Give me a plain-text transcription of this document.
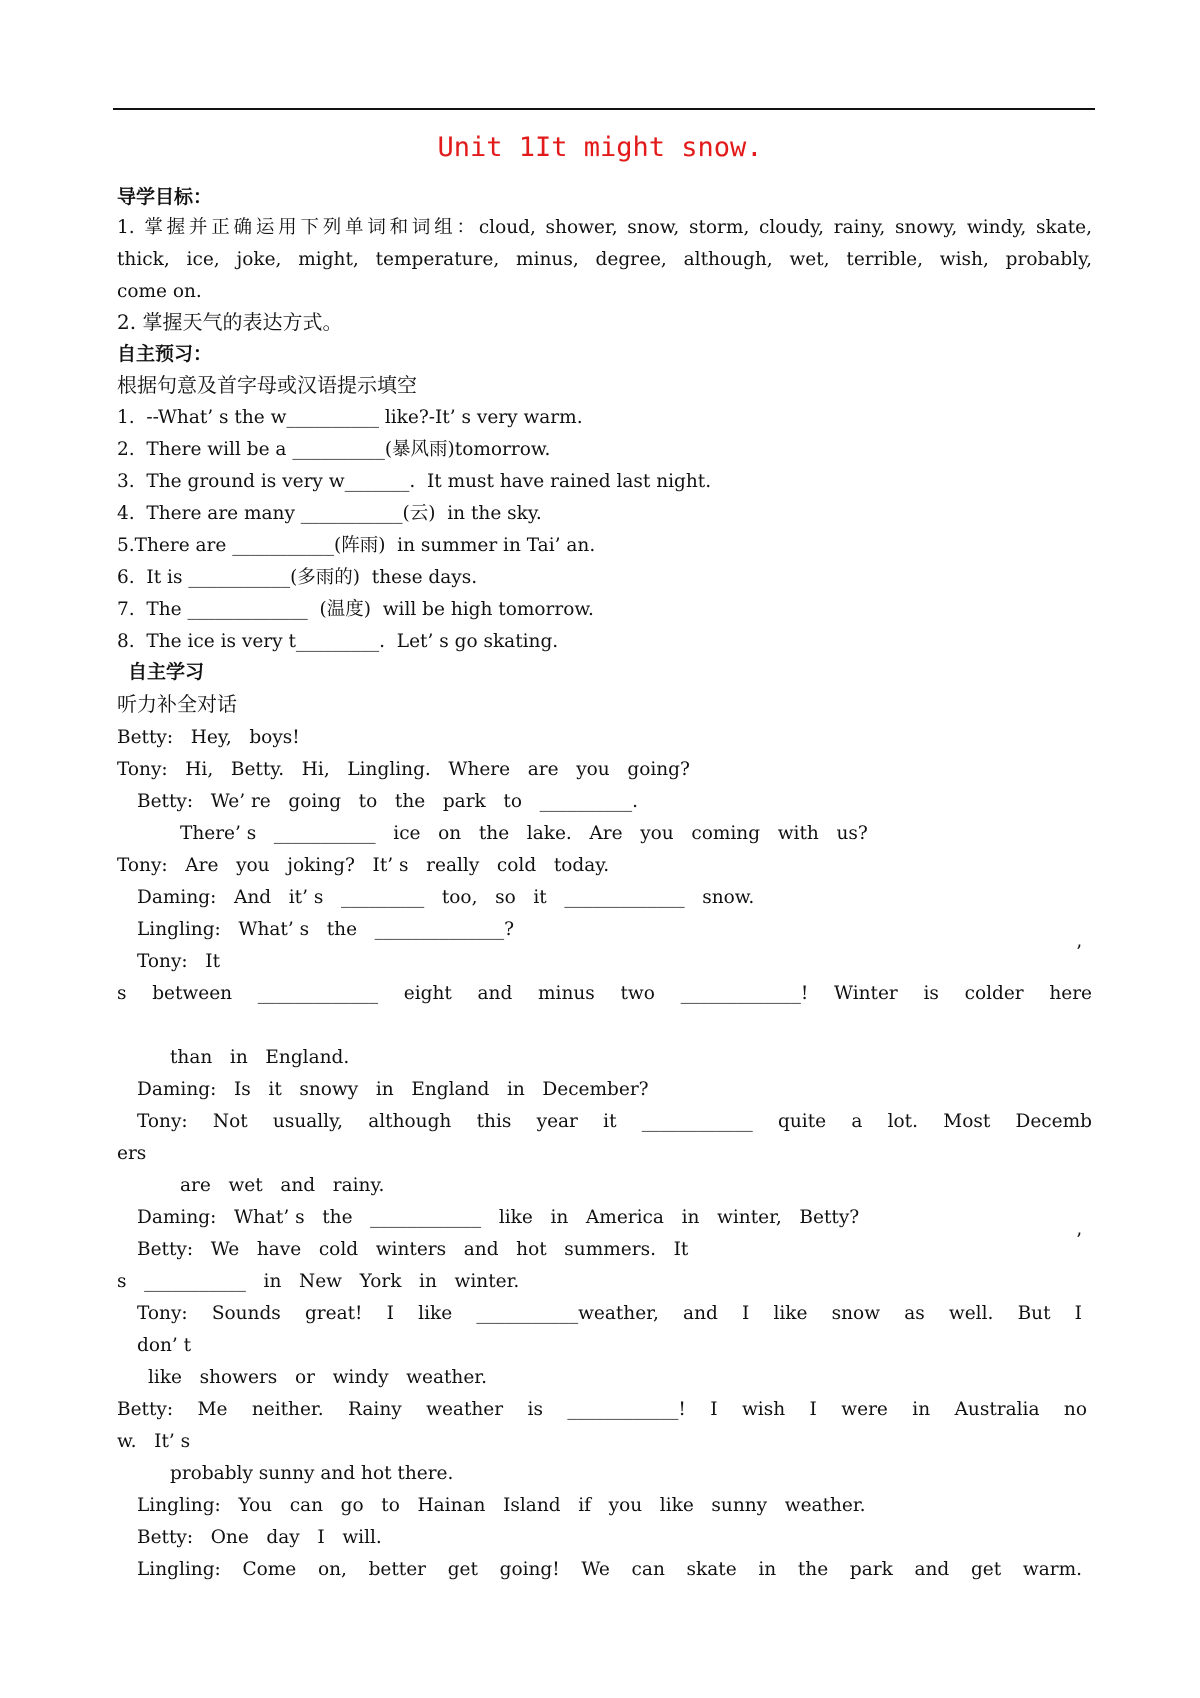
Unit 1It might snow.
导学目标：
1. 掌握并正确运用下列单词和词组：cloud, shower, snow, storm, cloudy, rainy, snowy, windy, skate,
thick, ice, joke, might, temperature, minus, degree, although, wet, terrible, wish, probably,
come on.
2. 掌握天气的表达方式。
自主预习：
根据句意及首字母或汉语提示填空
1.  --What’ s the w__________ like?-It’ s very warm.
2.  There will be a __________(暴风雨)tomorrow.
3.  The ground is very w_______.  It must have rained last night.
4.  There are many ___________(云)  in the sky.
5.There are ___________(阵雨)  in summer in Tai’ an.
6.  It is ___________(多雨的)  these days.
7.  The _____________  (温度)  will be high tomorrow.
8.  The ice is very t_________.  Let’ s go skating.
自主学习
听力补全对话
Betty:   Hey,   boys!
Tony:   Hi,   Betty.   Hi,   Lingling.   Where   are   you   going?
Betty:   We’ re   going   to   the   park   to   __________.
There’ s   ___________   ice   on   the   lake.   Are   you   coming   with   us?
Tony:   Are   you   joking?   It’ s   really   cold   today.
Daming:   And   it’ s   _________   too,   so   it   _____________   snow.
Lingling:   What’ s   the   ______________?
Tony:   It	’
s between _____________ eight and minus two _____________! Winter is colder here
than   in   England.
Daming:   Is   it   snowy   in   England   in   December?
Tony: Not usually, although this year it ____________ quite a lot. Most Decemb
ers
are   wet   and   rainy.
Daming:   What’ s   the   ____________   like   in   America   in   winter,   Betty?
Betty:   We   have   cold   winters   and   hot   summers.   It	’
s   ___________   in   New   York   in   winter.
Tony: Sounds great! I like ___________weather, and I like snow as well. But I
don’ t
like   showers   or   windy   weather.
Betty: Me neither. Rainy weather is ____________! I wish I were in Australia no
w.   It’ s
probably sunny and hot there.
Lingling:   You   can   go   to   Hainan   Island   if   you   like   sunny   weather.
Betty:   One   day   I   will.
Lingling: Come on, better get going! We can skate in the park and get warm.
